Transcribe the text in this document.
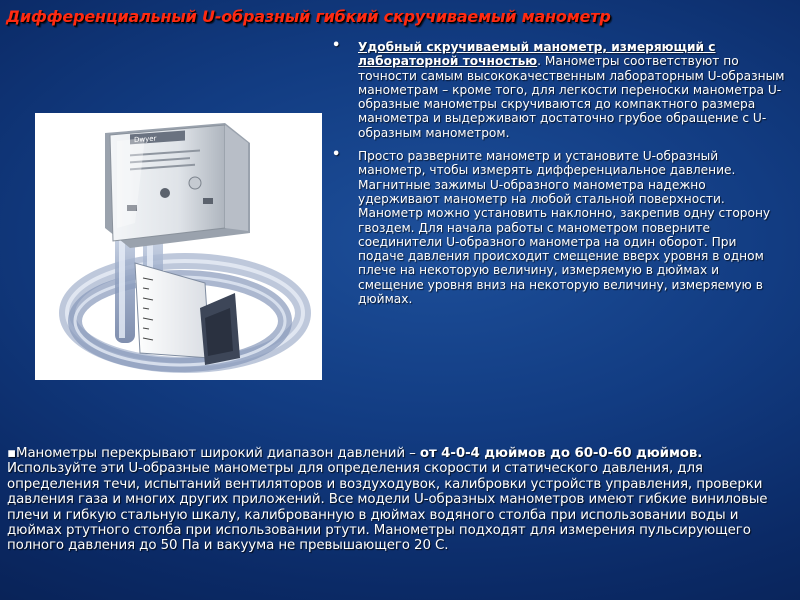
Дифференциальный U-образный гибкий скручиваемый манометр
Dwyer
• Удобный скручиваемый манометр, измеряющий с лабораторной точностью. Манометры соответствуют по точности самым высококачественным лабораторным U-образным манометрам – кроме того, для легкости переноски манометра U-образные манометры скручиваются до компактного размера манометра и выдерживают достаточно грубое обращение с U-образным манометром.
• Просто разверните манометр и установите U-образный манометр, чтобы измерять дифференциальное давление. Магнитные зажимы U-образного манометра надежно удерживают манометр на любой стальной поверхности. Манометр можно установить наклонно, закрепив одну сторону гвоздем. Для начала работы с манометром поверните соединители U-образного манометра на один оборот. При подаче давления происходит смещение вверх уровня в одном плече на некоторую величину, измеряемую в дюймах и смещение уровня вниз на некоторую величину, измеряемую в дюймах.
▪Манометры перекрывают широкий диапазон давлений – от 4-0-4 дюймов до 60-0-60 дюймов. Используйте эти U-образные манометры для определения скорости и статического давления, для определения течи, испытаний вентиляторов и воздуходувок, калибровки устройств управления, проверки давления газа и многих других приложений. Все модели U-образных манометров имеют гибкие виниловые плечи и гибкую стальную шкалу, калиброванную в дюймах водяного столба при использовании воды и дюймах ртутного столба при использовании ртути. Манометры подходят для измерения пульсирующего полного давления до 50 Па и вакуума не превышающего 20 С.
